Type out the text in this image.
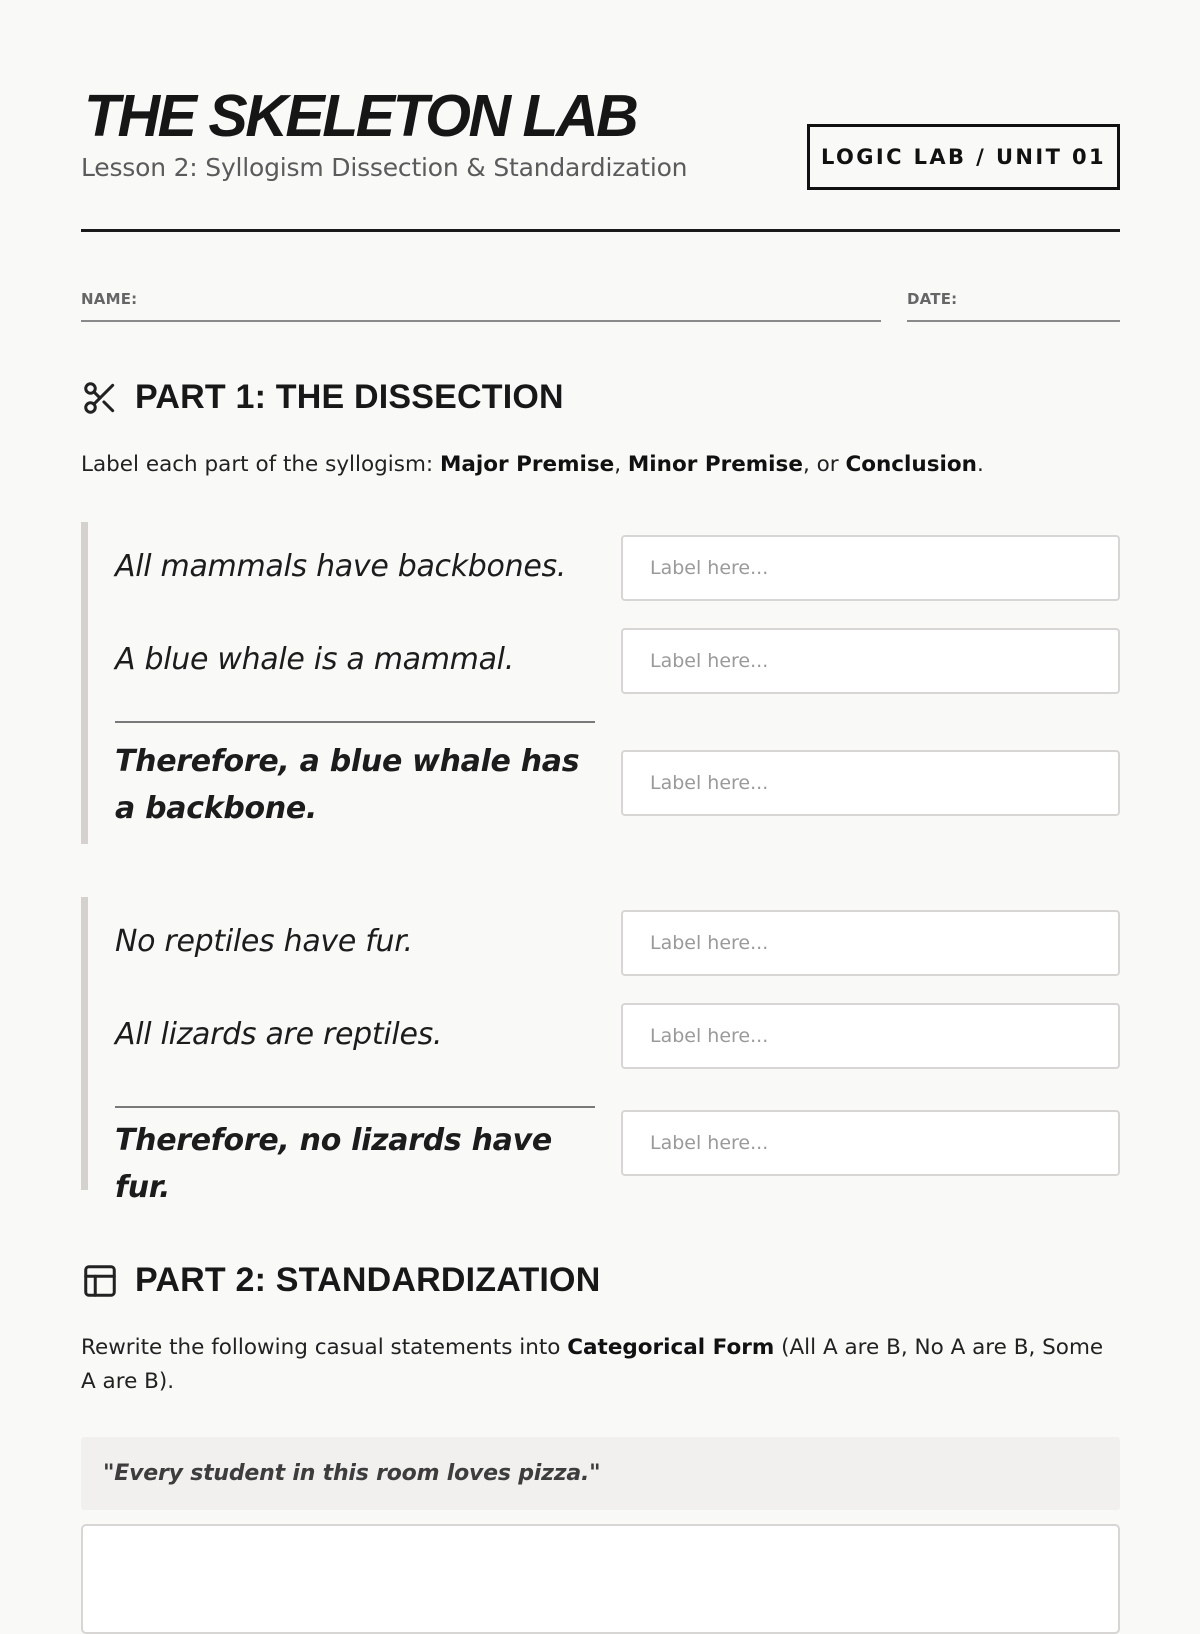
THE SKELETON LAB
Lesson 2: Syllogism Dissection & Standardization	LOGIC LAB / UNIT 01
NAME:	DATE:
PART 1: THE DISSECTION

Label each part of the syllogism: Major Premise, Minor Premise, or Conclusion.

All mammals have backbones.
Label here...
A blue whale is a mammal.
Label here...
Therefore, a blue whale has a backbone.
Label here...
No reptiles have fur.
Label here...
All lizards are reptiles.
Label here...
Therefore, no lizards have fur.
Label here...
PART 2: STANDARDIZATION

Rewrite the following casual statements into Categorical Form (All A are B, No A are B, Some A are B).

"Every student in this room loves pizza."
